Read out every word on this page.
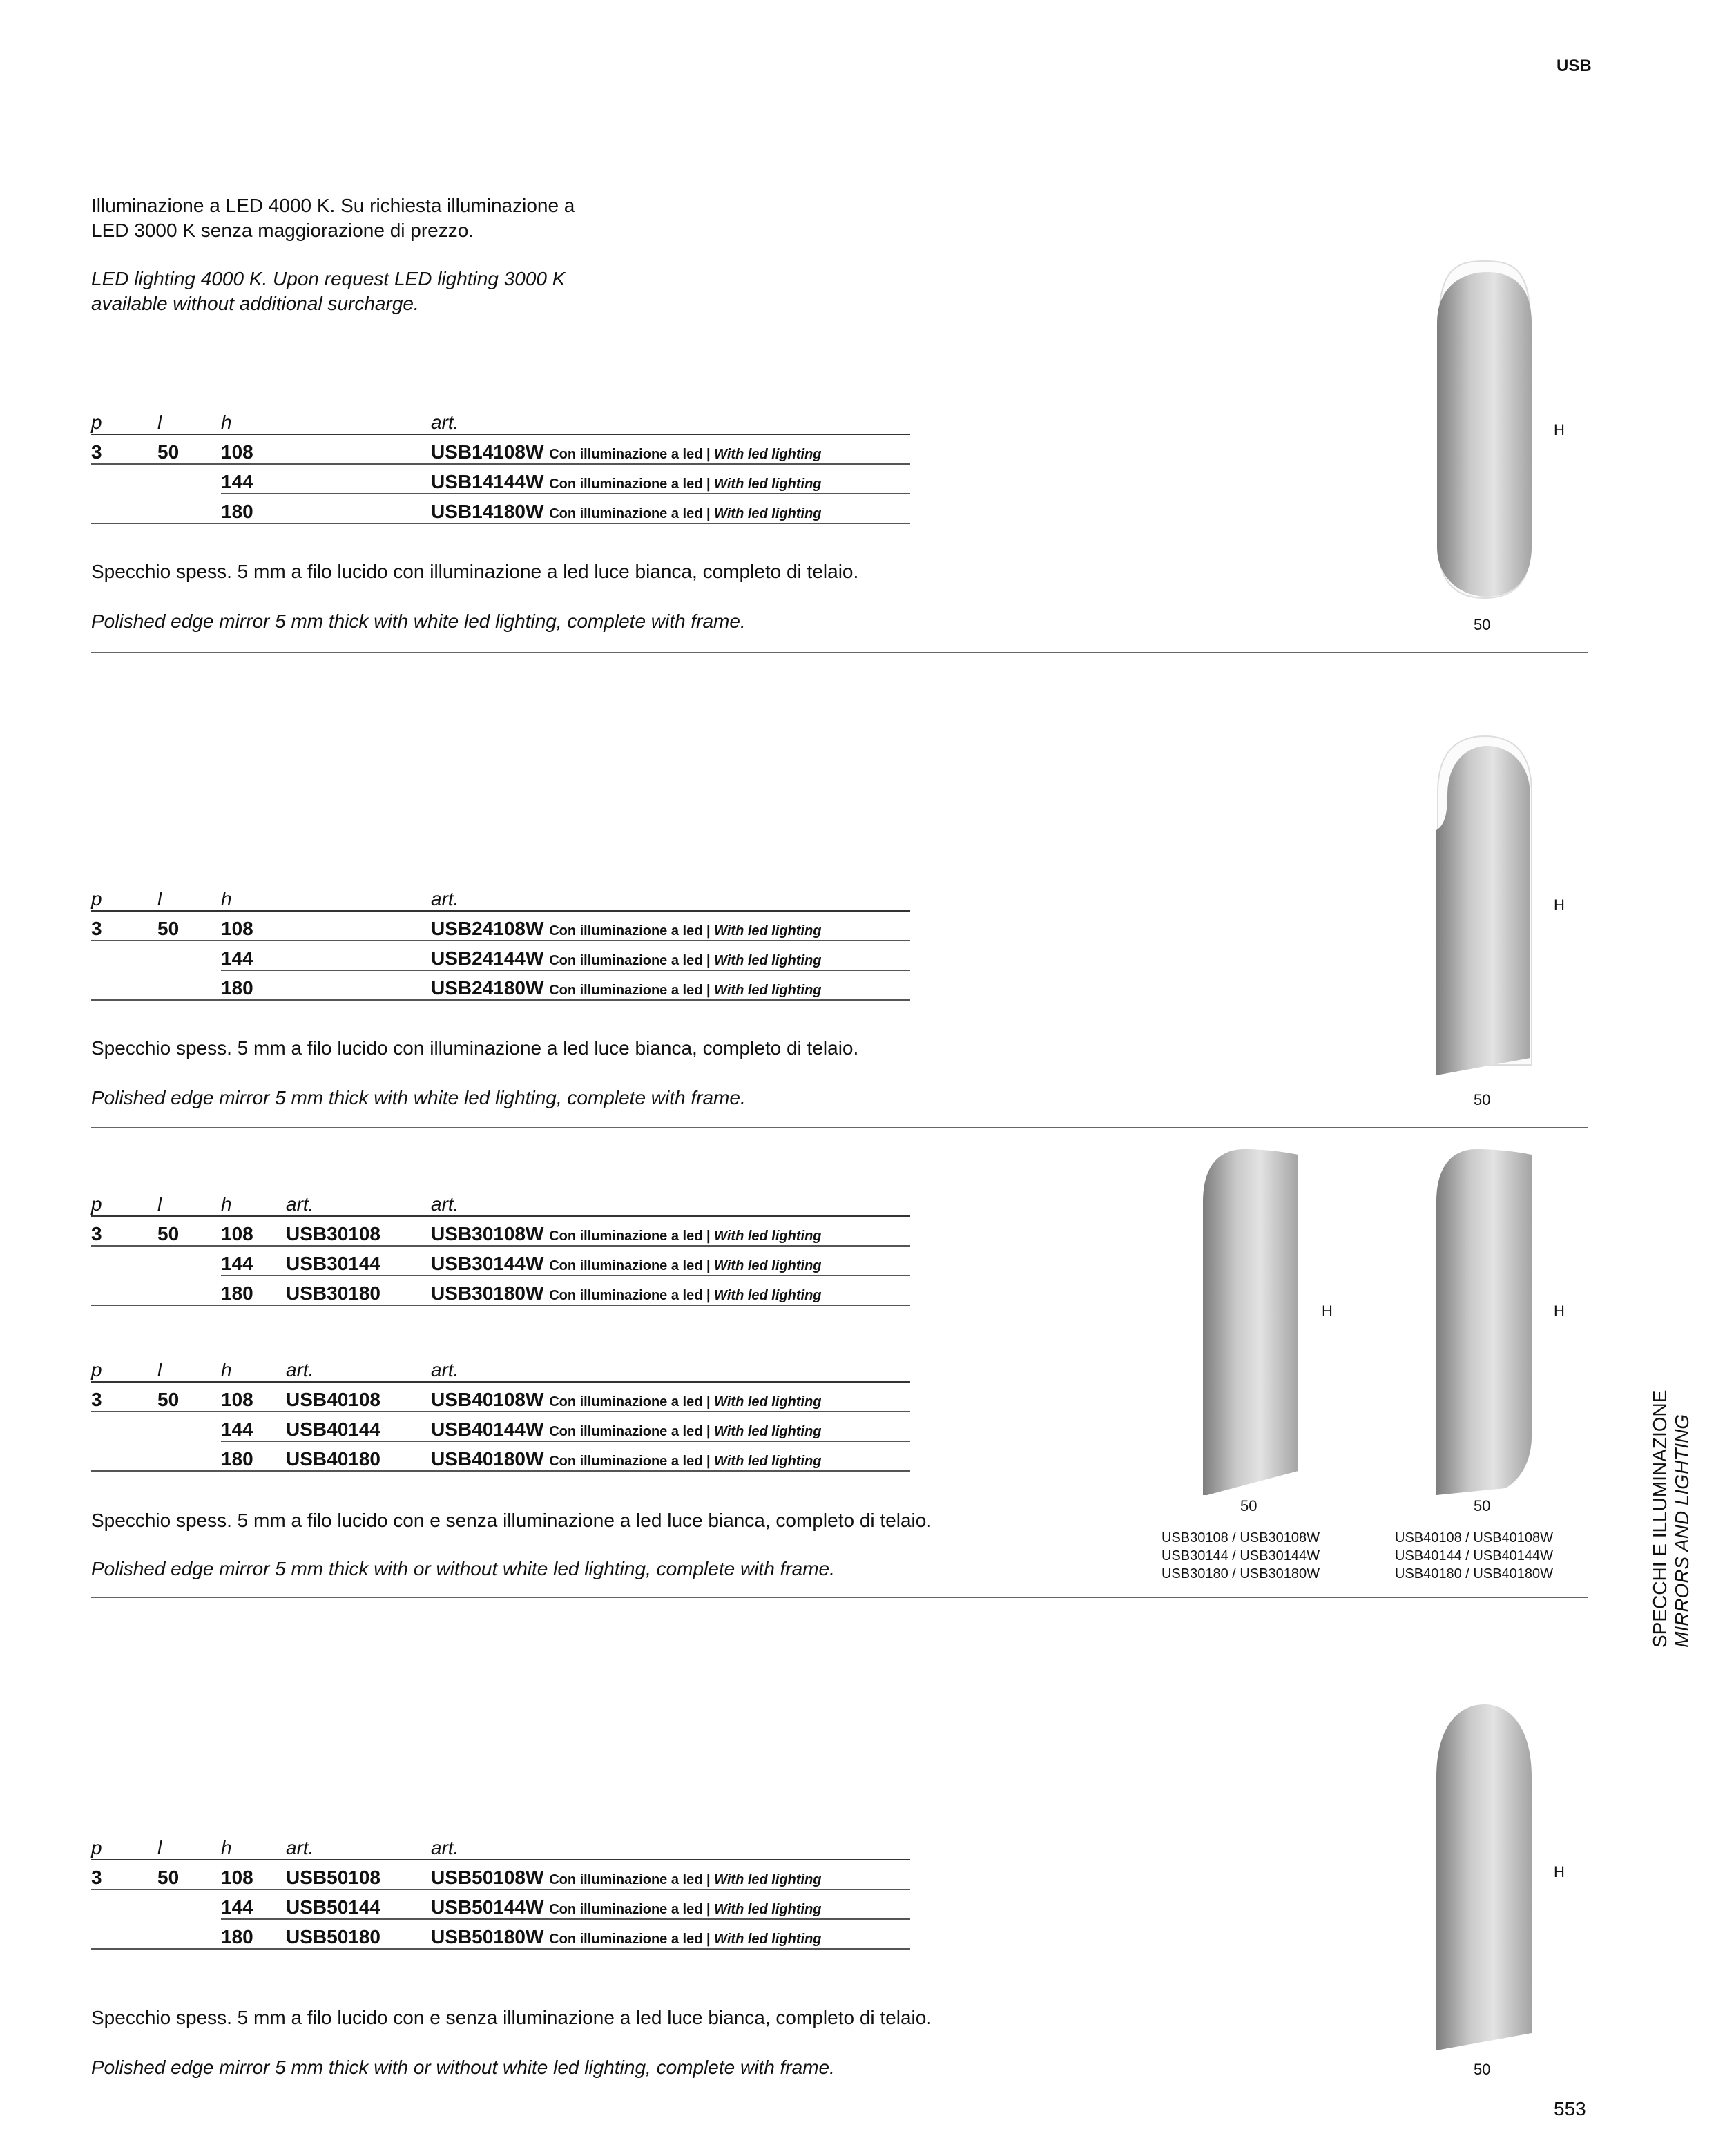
USB
Illuminazione a LED 4000 K. Su richiesta illuminazione a
LED 3000 K senza maggiorazione di prezzo.
LED lighting 4000 K. Upon request LED lighting 3000 K
available without additional surcharge.
p	l	h		art.
3	50	108		USB14108W Con illuminazione a led | With led lighting
		144		USB14144W Con illuminazione a led | With led lighting
		180		USB14180W Con illuminazione a led | With led lighting
Specchio spess. 5 mm a filo lucido con illuminazione a led luce bianca, completo di telaio.
Polished edge mirror 5 mm thick with white led lighting, complete with frame.
H
50
p	l	h		art.
3	50	108		USB24108W Con illuminazione a led | With led lighting
		144		USB24144W Con illuminazione a led | With led lighting
		180		USB24180W Con illuminazione a led | With led lighting
Specchio spess. 5 mm a filo lucido con illuminazione a led luce bianca, completo di telaio.
Polished edge mirror 5 mm thick with white led lighting, complete with frame.
H
50
p	l	h	art.	art.
3	50	108	USB30108	USB30108W Con illuminazione a led | With led lighting
		144	USB30144	USB30144W Con illuminazione a led | With led lighting
		180	USB30180	USB30180W Con illuminazione a led | With led lighting
p	l	h	art.	art.
3	50	108	USB40108	USB40108W Con illuminazione a led | With led lighting
		144	USB40144	USB40144W Con illuminazione a led | With led lighting
		180	USB40180	USB40180W Con illuminazione a led | With led lighting
Specchio spess. 5 mm a filo lucido con e senza illuminazione a led luce bianca, completo di telaio.
Polished edge mirror 5 mm thick with or without white led lighting, complete with frame.
H
50
USB30108 / USB30108W
USB30144 / USB30144W
USB30180 / USB30180W
H
50
USB40108 / USB40108W
USB40144 / USB40144W
USB40180 / USB40180W
p	l	h	art.	art.
3	50	108	USB50108	USB50108W Con illuminazione a led | With led lighting
		144	USB50144	USB50144W Con illuminazione a led | With led lighting
		180	USB50180	USB50180W Con illuminazione a led | With led lighting
Specchio spess. 5 mm a filo lucido con e senza illuminazione a led luce bianca, completo di telaio.
Polished edge mirror 5 mm thick with or without white led lighting, complete with frame.
H
50
SPECCHI E ILLUMINAZIONE MIRRORS AND LIGHTING
553
